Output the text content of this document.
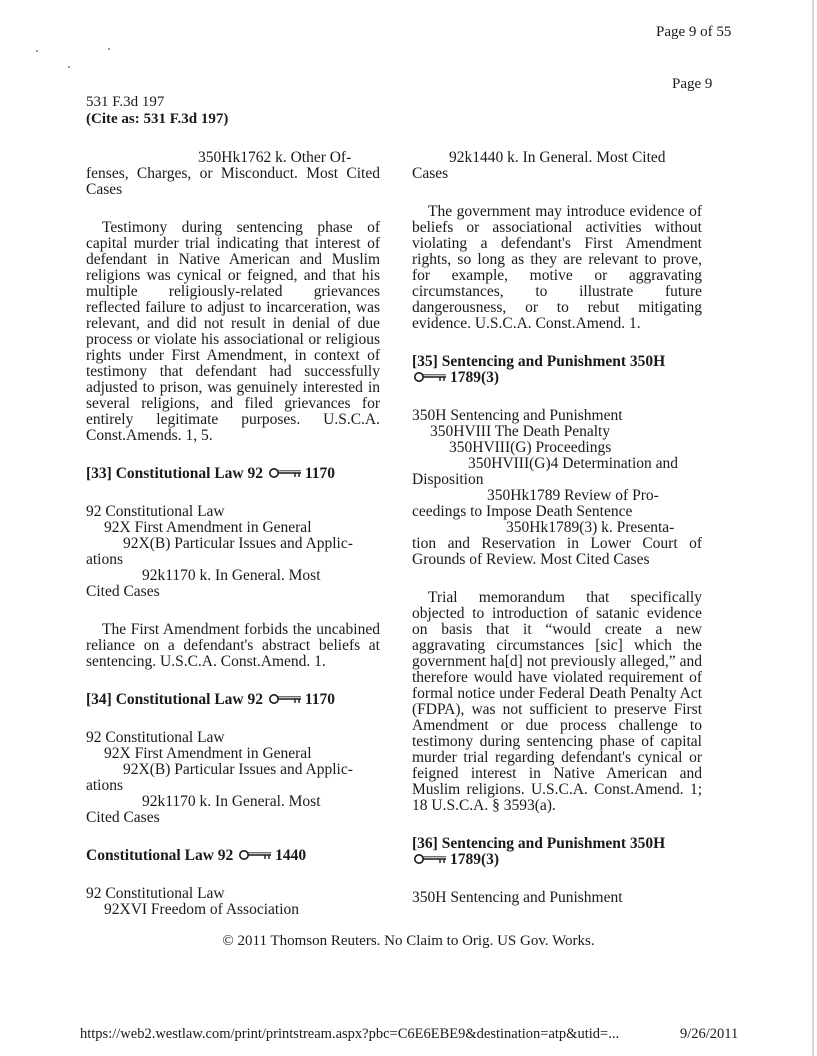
Page 9 of 55
Page 9
531 F.3d 197
(Cite as: 531 F.3d 197)

350Hk1762 k. Other Of-

fenses, Charges, or Misconduct. Most Cited Cases

Testimony during sentencing phase of capital murder trial indicating that interest of defendant in Native American and Muslim religions was cynical or feigned, and that his multiple religiously-related grievances reflected failure to adjust to incarceration, was relevant, and did not result in denial of due process or violate his associational or religious rights under First Amendment, in context of testimony that defendant had successfully adjusted to prison, was genuinely interested in several religions, and filed grievances for entirely legitimate purposes. U.S.C.A. Const.Amends. 1, 5.

[33] Constitutional Law 92	1170

92 Constitutional Law

92X First Amendment in General

92X(B) Particular Issues and Applic-

ations

92k1170 k. In General. Most

Cited Cases

The First Amendment forbids the uncabined reliance on a defendant's abstract beliefs at sentencing. U.S.C.A. Const.Amend. 1.

[34] Constitutional Law 92	1170

92 Constitutional Law

92X First Amendment in General

92X(B) Particular Issues and Applic-

ations

92k1170 k. In General. Most

Cited Cases

Constitutional Law 92	1440

92 Constitutional Law

92XVI Freedom of Association

92k1440 k. In General. Most Cited

Cases

The government may introduce evidence of beliefs or associational activities without violating a defendant's First Amendment rights, so long as they are relevant to prove, for example, motive or aggravating circumstances, to illustrate future dangerousness, or to rebut mitigating evidence. U.S.C.A. Const.Amend. 1.

[35] Sentencing and Punishment 350H
1789(3)

350H Sentencing and Punishment

350HVIII The Death Penalty

350HVIII(G) Proceedings

350HVIII(G)4 Determination and

Disposition

350Hk1789 Review of Pro-

ceedings to Impose Death Sentence

350Hk1789(3) k. Presenta-

tion and Reservation in Lower Court of Grounds of Review. Most Cited Cases

Trial memorandum that specifically objected to introduction of satanic evidence on basis that it “would create a new aggravating circumstances [sic] which the government ha[d] not previously alleged,” and therefore would have violated requirement of formal notice under Federal Death Penalty Act (FDPA), was not sufficient to preserve First Amendment or due process challenge to testimony during sentencing phase of capital murder trial regarding defendant's cynical or feigned interest in Native American and Muslim religions. U.S.C.A. Const.Amend. 1; 18 U.S.C.A. § 3593(a).

[36] Sentencing and Punishment 350H
1789(3)

350H Sentencing and Punishment

© 2011 Thomson Reuters. No Claim to Orig. US Gov. Works.
https://web2.westlaw.com/print/printstream.aspx?pbc=C6E6EBE9&destination=atp&utid=...	9/26/2011
